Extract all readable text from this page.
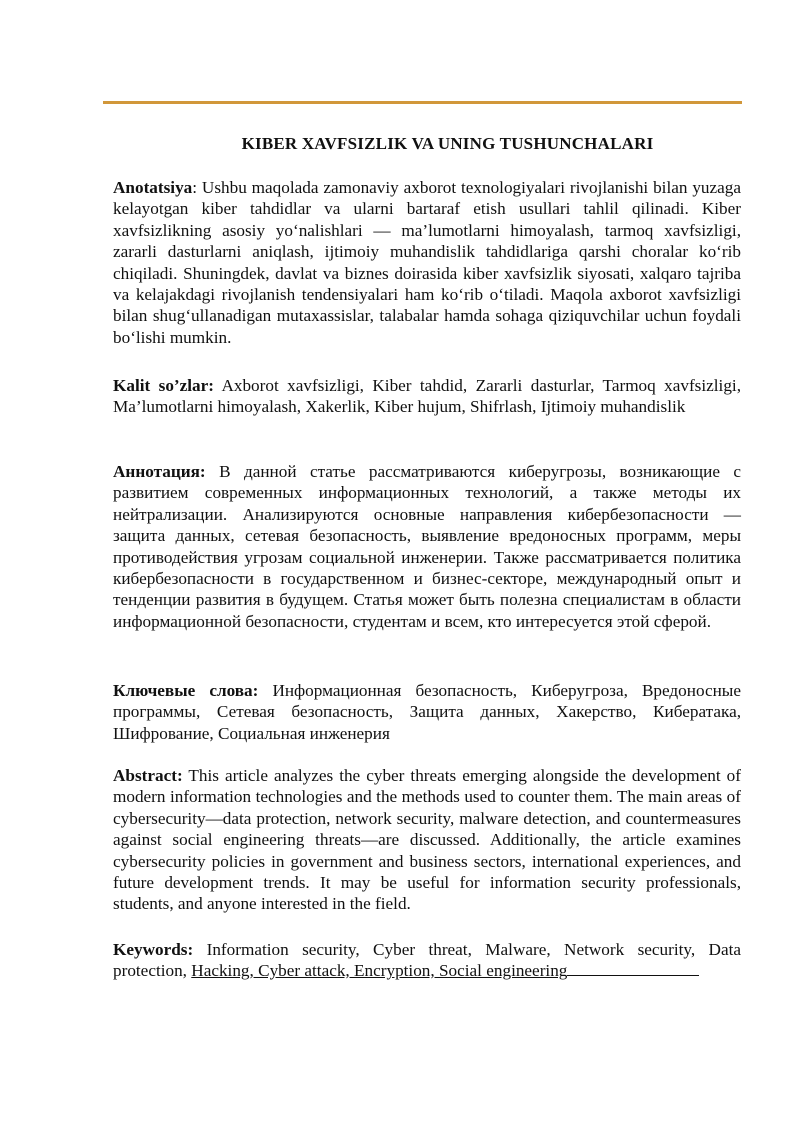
KIBER XAVFSIZLIK VA UNING TUSHUNCHALARI

Anotatsiya: Ushbu maqolada zamonaviy axborot texnologiyalari rivojlanishi bilan yuzaga kelayotgan kiber tahdidlar va ularni bartaraf etish usullari tahlil qilinadi. Kiber xavfsizlikning asosiy yo‘nalishlari — ma’lumotlarni himoyalash, tarmoq xavfsizligi, zararli dasturlarni aniqlash, ijtimoiy muhandislik tahdidlariga qarshi choralar ko‘rib chiqiladi. Shuningdek, davlat va biznes doirasida kiber xavfsizlik siyosati, xalqaro tajriba va kelajakdagi rivojlanish tendensiyalari ham ko‘rib o‘tiladi. Maqola axborot xavfsizligi bilan shug‘ullanadigan mutaxassislar, talabalar hamda sohaga qiziquvchilar uchun foydali bo‘lishi mumkin.

Kalit so’zlar: Axborot xavfsizligi, Kiber tahdid, Zararli dasturlar, Tarmoq xavfsizligi, Ma’lumotlarni himoyalash, Xakerlik, Kiber hujum, Shifrlash, Ijtimoiy muhandislik

Аннотация: В данной статье рассматриваются киберугрозы, возникающие с развитием современных информационных технологий, а также методы их нейтрализации. Анализируются основные направления кибербезопасности — защита данных, сетевая безопасность, выявление вредоносных программ, меры противодействия угрозам социальной инженерии. Также рассматривается политика кибербезопасности в государственном и бизнес-секторе, международный опыт и тенденции развития в будущем. Статья может быть полезна специалистам в области информационной безопасности, студентам и всем, кто интересуется этой сферой.

Ключевые слова: Информационная безопасность, Киберугроза, Вредоносные программы, Сетевая безопасность, Защита данных, Хакерство, Кибератака, Шифрование, Социальная инженерия

Abstract: This article analyzes the cyber threats emerging alongside the development of modern information technologies and the methods used to counter them. The main areas of cybersecurity—data protection, network security, malware detection, and countermeasures against social engineering threats—are discussed. Additionally, the article examines cybersecurity policies in government and business sectors, international experiences, and future development trends. It may be useful for information security professionals, students, and anyone interested in the field.

Keywords: Information security, Cyber threat, Malware, Network security, Data protection, Hacking, Cyber attack, Encryption, Social engineering
